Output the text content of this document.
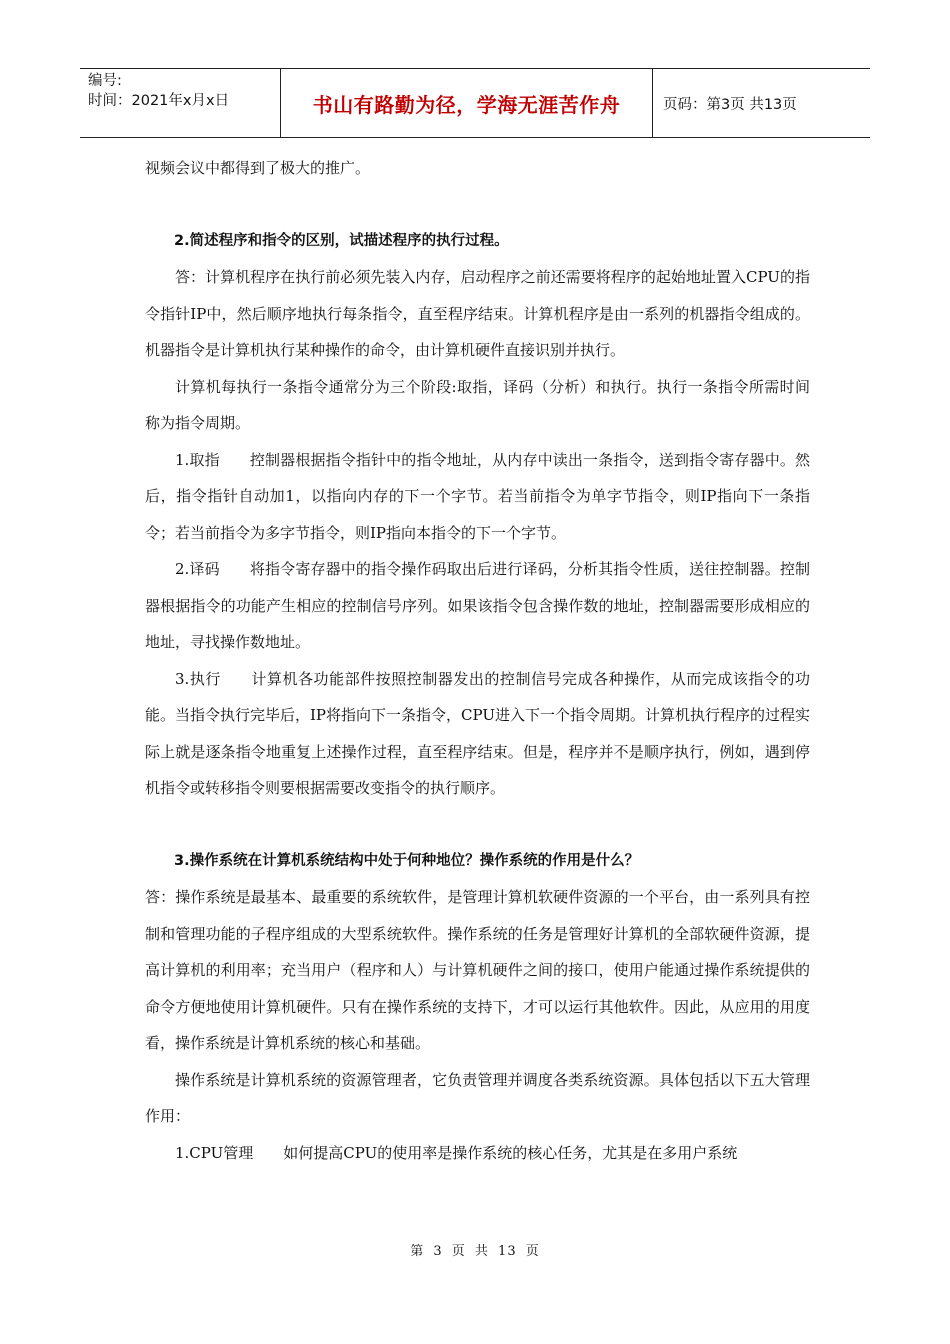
编号:
时间：2021年x月x日	书山有路勤为径，学海无涯苦作舟	页码：第3页 共13页

视频会议中都得到了极大的推广。

2.简述程序和指令的区别，试描述程序的执行过程。

答：计算机程序在执行前必须先装入内存，启动程序之前还需要将程序的起始地址置入CPU的指令指针IP中，然后顺序地执行每条指令，直至程序结束。计算机程序是由一系列的机器指令组成的。机器指令是计算机执行某种操作的命令，由计算机硬件直接识别并执行。

计算机每执行一条指令通常分为三个阶段:取指，译码（分析）和执行。执行一条指令所需时间称为指令周期。

1.取指 控制器根据指令指针中的指令地址，从内存中读出一条指令，送到指令寄存器中。然后，指令指针自动加1，以指向内存的下一个字节。若当前指令为单字节指令，则IP指向下一条指令；若当前指令为多字节指令，则IP指向本指令的下一个字节。

2.译码 将指令寄存器中的指令操作码取出后进行译码，分析其指令性质，送往控制器。控制器根据指令的功能产生相应的控制信号序列。如果该指令包含操作数的地址，控制器需要形成相应的地址，寻找操作数地址。

3.执行 计算机各功能部件按照控制器发出的控制信号完成各种操作，从而完成该指令的功能。当指令执行完毕后，IP将指向下一条指令，CPU进入下一个指令周期。计算机执行程序的过程实际上就是逐条指令地重复上述操作过程，直至程序结束。但是，程序并不是顺序执行，例如，遇到停机指令或转移指令则要根据需要改变指令的执行顺序。

3.操作系统在计算机系统结构中处于何种地位？操作系统的作用是什么？

答：操作系统是最基本、最重要的系统软件，是管理计算机软硬件资源的一个平台，由一系列具有控制和管理功能的子程序组成的大型系统软件。操作系统的任务是管理好计算机的全部软硬件资源，提高计算机的利用率；充当用户（程序和人）与计算机硬件之间的接口，使用户能通过操作系统提供的命令方便地使用计算机硬件。只有在操作系统的支持下，才可以运行其他软件。因此，从应用的用度看，操作系统是计算机系统的核心和基础。

操作系统是计算机系统的资源管理者，它负责管理并调度各类系统资源。具体包括以下五大管理作用：

1.CPU管理 如何提高CPU的使用率是操作系统的核心任务，尤其是在多用户系统

第 3 页 共 13 页
